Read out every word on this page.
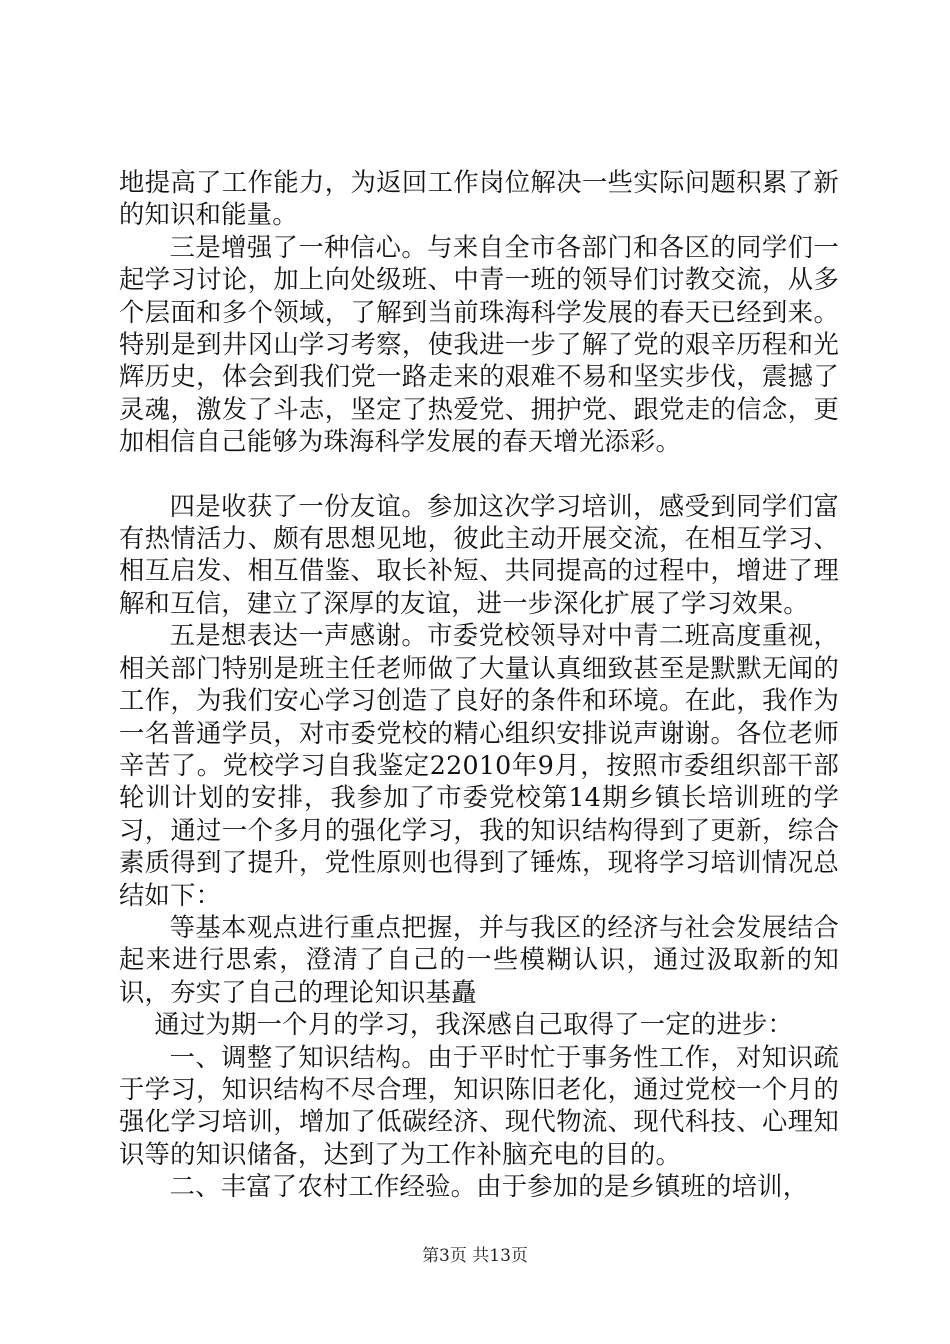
地提高了工作能力，为返回工作岗位解决一些实际问题积累了新的知识和能量。

三是增强了一种信心。与来自全市各部门和各区的同学们一起学习讨论，加上向处级班、中青一班的领导们讨教交流，从多个层面和多个领域，了解到当前珠海科学发展的春天已经到来。特别是到井冈山学习考察，使我进一步了解了党的艰辛历程和光辉历史，体会到我们党一路走来的艰难不易和坚实步伐，震撼了灵魂，激发了斗志，坚定了热爱党、拥护党、跟党走的信念，更加相信自己能够为珠海科学发展的春天增光添彩。

四是收获了一份友谊。参加这次学习培训，感受到同学们富有热情活力、颇有思想见地，彼此主动开展交流，在相互学习、相互启发、相互借鉴、取长补短、共同提高的过程中，增进了理解和互信，建立了深厚的友谊，进一步深化扩展了学习效果。

五是想表达一声感谢。市委党校领导对中青二班高度重视，相关部门特别是班主任老师做了大量认真细致甚至是默默无闻的工作，为我们安心学习创造了良好的条件和环境。在此，我作为一名普通学员，对市委党校的精心组织安排说声谢谢。各位老师辛苦了。党校学习自我鉴定22010年9月，按照市委组织部干部轮训计划的安排，我参加了市委党校第14期乡镇长培训班的学习，通过一个多月的强化学习，我的知识结构得到了更新，综合素质得到了提升，党性原则也得到了锤炼，现将学习培训情况总结如下：

等基本观点进行重点把握，并与我区的经济与社会发展结合起来进行思索，澄清了自己的一些模糊认识，通过汲取新的知识，夯实了自己的理论知识基矗

通过为期一个月的学习，我深感自己取得了一定的进步：

一、调整了知识结构。由于平时忙于事务性工作，对知识疏于学习，知识结构不尽合理，知识陈旧老化，通过党校一个月的强化学习培训，增加了低碳经济、现代物流、现代科技、心理知识等的知识储备，达到了为工作补脑充电的目的。

二、丰富了农村工作经验。由于参加的是乡镇班的培训，

第3页 共13页
